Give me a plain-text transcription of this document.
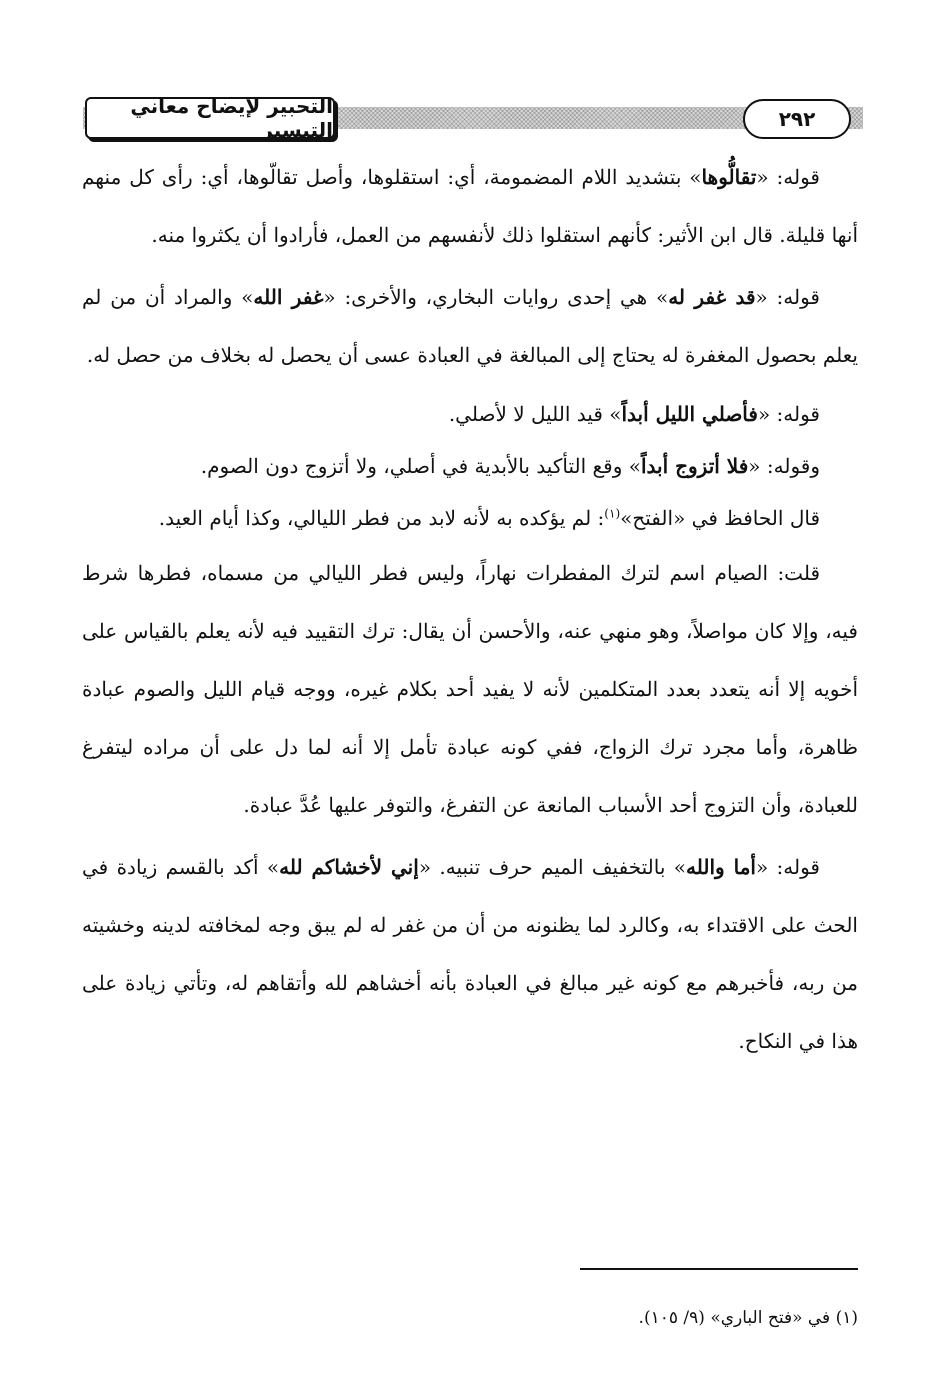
التحبير لإيضاح معاني التيسير	٢٩٢

قوله: «تقالُّوها» بتشديد اللام المضمومة، أي: استقلوها، وأصل تقالّوها، أي: رأى كل منهم أنها قليلة. قال ابن الأثير: كأنهم استقلوا ذلك لأنفسهم من العمل، فأرادوا أن يكثروا منه.

قوله: «قد غفر له» هي إحدى روايات البخاري، والأخرى: «غفر الله» والمراد أن من لم يعلم بحصول المغفرة له يحتاج إلى المبالغة في العبادة عسى أن يحصل له بخلاف من حصل له.

قوله: «فأصلي الليل أبداً» قيد الليل لا لأصلي.

وقوله: «فلا أتزوج أبداً» وقع التأكيد بالأبدية في أصلي، ولا أتزوج دون الصوم.

قال الحافظ في «الفتح»$^{(١)}$: لم يؤكده به لأنه لابد من فطر الليالي، وكذا أيام العيد.

قلت: الصيام اسم لترك المفطرات نهاراً، وليس فطر الليالي من مسماه، فطرها شرط فيه، وإلا كان مواصلاً، وهو منهي عنه، والأحسن أن يقال: ترك التقييد فيه لأنه يعلم بالقياس على أخويه إلا أنه يتعدد بعدد المتكلمين لأنه لا يفيد أحد بكلام غيره، ووجه قيام الليل والصوم عبادة ظاهرة، وأما مجرد ترك الزواج، ففي كونه عبادة تأمل إلا أنه لما دل على أن مراده ليتفرغ للعبادة، وأن التزوج أحد الأسباب المانعة عن التفرغ، والتوفر عليها عُدَّ عبادة.

قوله: «أما والله» بالتخفيف الميم حرف تنبيه. «إني لأخشاكم لله» أكد بالقسم زيادة في الحث على الاقتداء به، وكالرد لما يظنونه من أن من غفر له لم يبق وجه لمخافته لدينه وخشيته من ربه، فأخبرهم مع كونه غير مبالغ في العبادة بأنه أخشاهم لله وأتقاهم له، وتأتي زيادة على هذا في النكاح.

(١) في «فتح الباري» (٩/ ١٠٥).
